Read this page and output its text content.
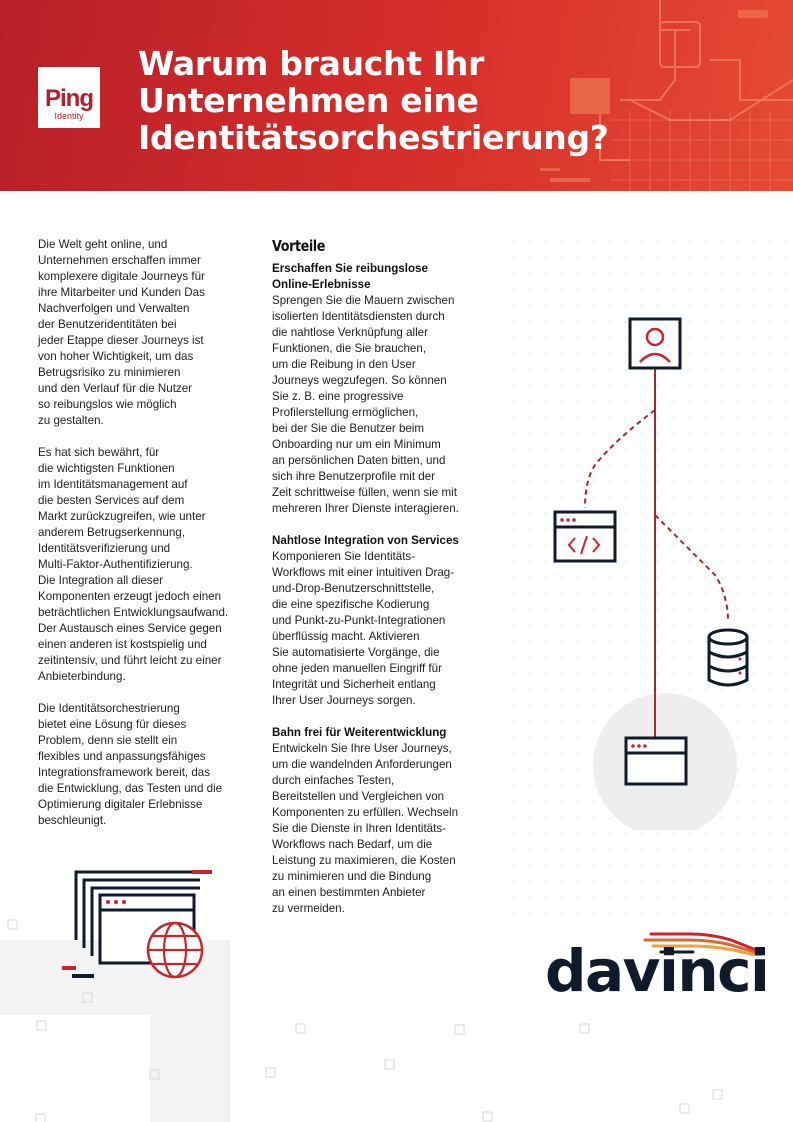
Ping
Identity
Warum braucht Ihr
Unternehmen eine
Identitätsorchestrierung?

Die Welt geht online, und
Unternehmen erschaffen immer
komplexere digitale Journeys für
ihre Mitarbeiter und Kunden Das
Nachverfolgen und Verwalten
der Benutzeridentitäten bei
jeder Etappe dieser Journeys ist
von hoher Wichtigkeit, um das
Betrugsrisiko zu minimieren
und den Verlauf für die Nutzer
so reibungslos wie möglich
zu gestalten.

Es hat sich bewährt, für
die wichtigsten Funktionen
im Identitätsmanagement auf
die besten Services auf dem
Markt zurückzugreifen, wie unter
anderem Betrugserkennung,
Identitätsverifizierung und
Multi-Faktor-Authentifizierung.
Die Integration all dieser
Komponenten erzeugt jedoch einen
beträchtlichen Entwicklungsaufwand.
Der Austausch eines Service gegen
einen anderen ist kostspielig und
zeitintensiv, und führt leicht zu einer
Anbieterbindung.

Die Identitätsorchestrierung
bietet eine Lösung für dieses
Problem, denn sie stellt ein
flexibles und anpassungsfähiges
Integrationsframework bereit, das
die Entwicklung, das Testen und die
Optimierung digitaler Erlebnisse
beschleunigt.

Vorteile
Erschaffen Sie reibungslose
Online-Erlebnisse

Sprengen Sie die Mauern zwischen
isolierten Identitätsdiensten durch
die nahtlose Verknüpfung aller
Funktionen, die Sie brauchen,
um die Reibung in den User
Journeys wegzufegen. So können
Sie z. B. eine progressive
Profilerstellung ermöglichen,
bei der Sie die Benutzer beim
Onboarding nur um ein Minimum
an persönlichen Daten bitten, und
sich ihre Benutzerprofile mit der
Zeit schrittweise füllen, wenn sie mit
mehreren Ihrer Dienste interagieren.

Nahtlose Integration von Services

Komponieren Sie Identitäts-
Workflows mit einer intuitiven Drag-
und-Drop-Benutzerschnittstelle,
die eine spezifische Kodierung
und Punkt-zu-Punkt-Integrationen
überflüssig macht. Aktivieren
Sie automatisierte Vorgänge, die
ohne jeden manuellen Eingriff für
Integrität und Sicherheit entlang
Ihrer User Journeys sorgen.

Bahn frei für Weiterentwicklung

Entwickeln Sie Ihre User Journeys,
um die wandelnden Anforderungen
durch einfaches Testen,
Bereitstellen und Vergleichen von
Komponenten zu erfüllen. Wechseln
Sie die Dienste in Ihren Identitäts-
Workflows nach Bedarf, um die
Leistung zu maximieren, die Kosten
zu minimieren und die Bindung
an einen bestimmten Anbieter
zu vermeiden.

davinci
